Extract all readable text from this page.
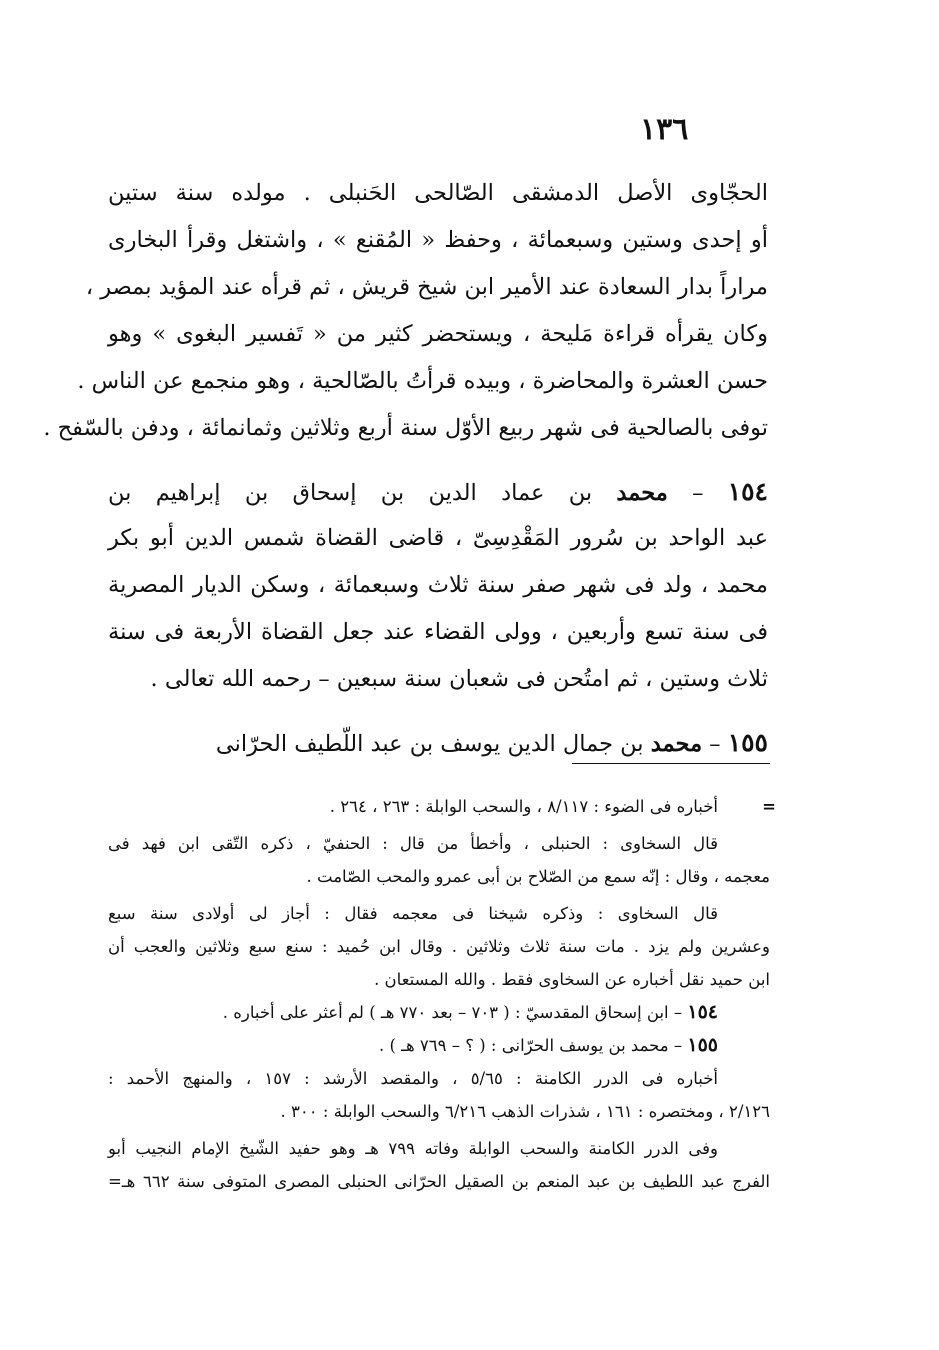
١٣٦
الحجّاوى الأصل الدمشقى الصّالحى الحَنبلى . مولده سنة ستين
أو إحدى وستين وسبعمائة ، وحفظ « المُقنع » ، واشتغل وقرأ البخارى
مراراً بدار السعادة عند الأمير ابن شيخ قريش ، ثم قرأه عند المؤيد بمصر ،
وكان يقرأه قراءة مَليحة ، ويستحضر كثير من « تَفسير البغوى » وهو
حسن العشرة والمحاضرة ، وبيده قرأتُ بالصّالحية ، وهو منجمع عن الناس .
توفى بالصالحية فى شهر ربيع الأوّل سنة أربع وثلاثين وثمانمائة ، ودفن بالسّفح .
١٥٤ – محمد بن عماد الدين بن إسحاق بن إبراهيم بن
عبد الواحد بن سُرور المَقْدِسِىّ ، قاضى القضاة شمس الدين أبو بكر
محمد ، ولد فى شهر صفر سنة ثلاث وسبعمائة ، وسكن الديار المصرية
فى سنة تسع وأربعين ، وولى القضاء عند جعل القضاة الأربعة فى سنة
ثلاث وستين ، ثم امتُحن فى شعبان سنة سبعين – رحمه الله تعالى .
١٥٥ – محمد بن جمال الدين يوسف بن عبد اللّطيف الحرّانى
=
أخباره فى الضوء : ٨/١١٧ ، والسحب الوابلة : ٢٦٣ ، ٢٦٤ .
قال السخاوى : الحنبلى ، وأخطأ من قال : الحنفيّ ، ذكره التّقى ابن فهد فى
معجمه ، وقال : إنّه سمع من الصّلاح بن أبى عمرو والمحب الصّامت .
قال السخاوى : وذكره شيخنا فى معجمه فقال : أجاز لى أولادى سنة سبع
وعشرين ولم يزد . مات سنة ثلاث وثلاثين . وقال ابن حُميد : سنع سبع وثلاثين والعجب أن
ابن حميد نقل أخباره عن السخاوى فقط . والله المستعان .
١٥٤ – ابن إسحاق المقدسيّ : ( ٧٠٣ – بعد ٧٧٠ هـ ) لم أعثر على أخباره .
١٥٥ – محمد بن يوسف الحرّانى : ( ؟ – ٧٦٩ هـ ) .
أخباره فى الدرر الكامنة : ٥/٦٥ ، والمقصد الأرشد : ١٥٧ ، والمنهج الأحمد :
٢/١٢٦ ، ومختصره : ١٦١ ، شذرات الذهب ٦/٢١٦ والسحب الوابلة : ٣٠٠ .
وفى الدرر الكامنة والسحب الوابلة وفاته ٧٩٩ هـ وهو حفيد الشّيخ الإمام النجيب أبو
الفرج عبد اللطيف بن عبد المنعم بن الصقيل الحرّانى الحنبلى المصرى المتوفى سنة ٦٦٢ هـ=
